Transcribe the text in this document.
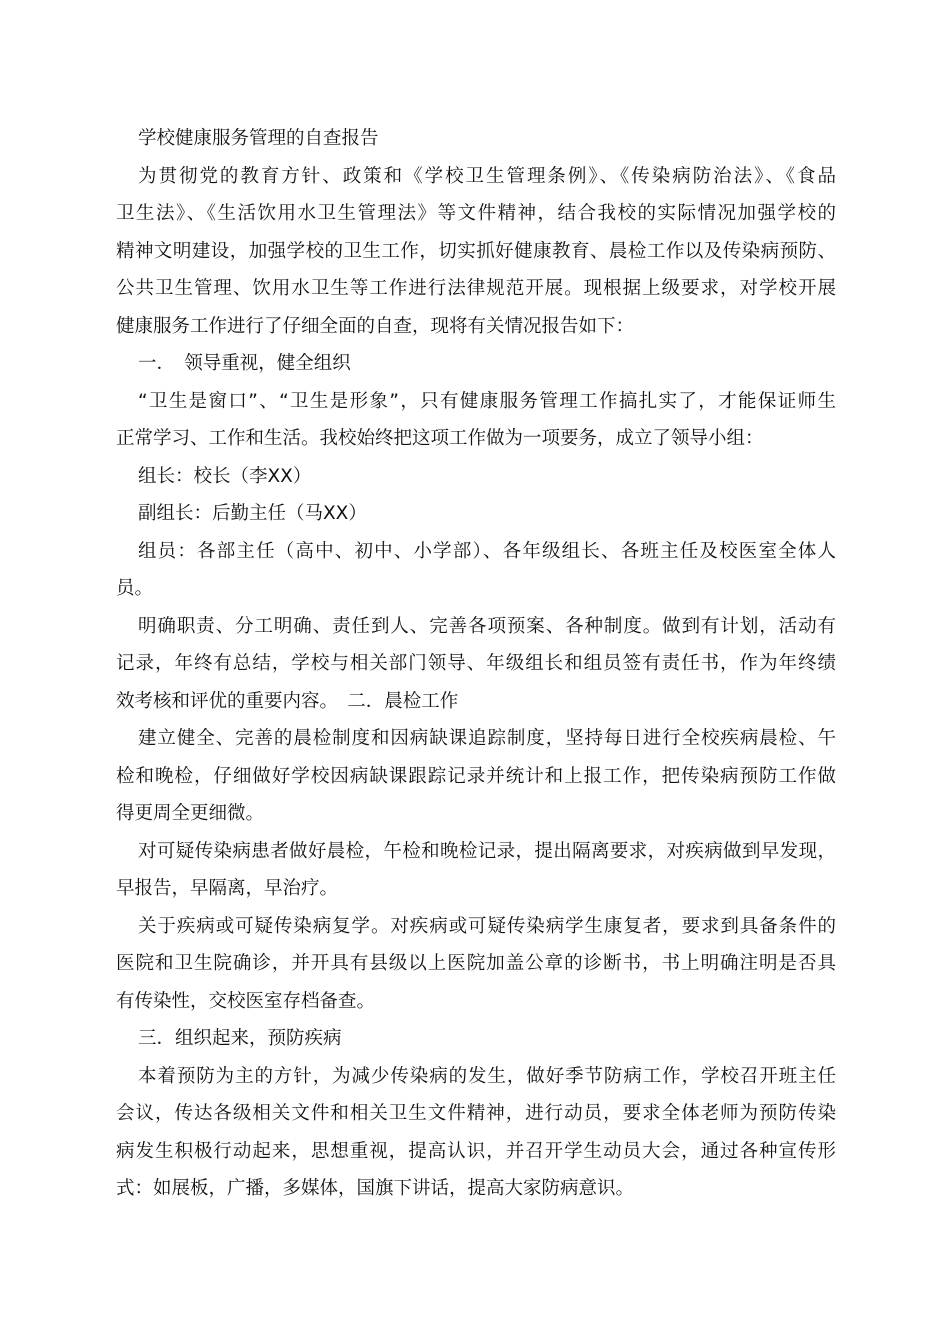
学校健康服务管理的自查报告
为贯彻党的教育方针、政策和《学校卫生管理条例》、《传染病防治法》、《食品
卫生法》、《生活饮用水卫生管理法》等文件精神，结合我校的实际情况加强学校的
精神文明建设，加强学校的卫生工作，切实抓好健康教育、晨检工作以及传染病预防、
公共卫生管理、饮用水卫生等工作进行法律规范开展。现根据上级要求，对学校开展
健康服务工作进行了仔细全面的自查，现将有关情况报告如下：
一．　领导重视，健全组织
“卫生是窗口”、“卫生是形象”，只有健康服务管理工作搞扎实了，才能保证师生
正常学习、工作和生活。我校始终把这项工作做为一项要务，成立了领导小组：
组长：校长（李XX）
副组长：后勤主任（马XX）
组员：各部主任（高中、初中、小学部）、各年级组长、各班主任及校医室全体人
员。
明确职责、分工明确、责任到人、完善各项预案、各种制度。做到有计划，活动有
记录，年终有总结，学校与相关部门领导、年级组长和组员签有责任书，作为年终绩
效考核和评优的重要内容。　二．晨检工作
建立健全、完善的晨检制度和因病缺课追踪制度，坚持每日进行全校疾病晨检、午
检和晚检，仔细做好学校因病缺课跟踪记录并统计和上报工作，把传染病预防工作做
得更周全更细微。
对可疑传染病患者做好晨检，午检和晚检记录，提出隔离要求，对疾病做到早发现，
早报告，早隔离，早治疗。
关于疾病或可疑传染病复学。对疾病或可疑传染病学生康复者，要求到具备条件的
医院和卫生院确诊，并开具有县级以上医院加盖公章的诊断书，书上明确注明是否具
有传染性，交校医室存档备查。
三．组织起来，预防疾病
本着预防为主的方针，为减少传染病的发生，做好季节防病工作，学校召开班主任
会议，传达各级相关文件和相关卫生文件精神，进行动员，要求全体老师为预防传染
病发生积极行动起来，思想重视，提高认识，并召开学生动员大会，通过各种宣传形
式：如展板，广播，多媒体，国旗下讲话，提高大家防病意识。
